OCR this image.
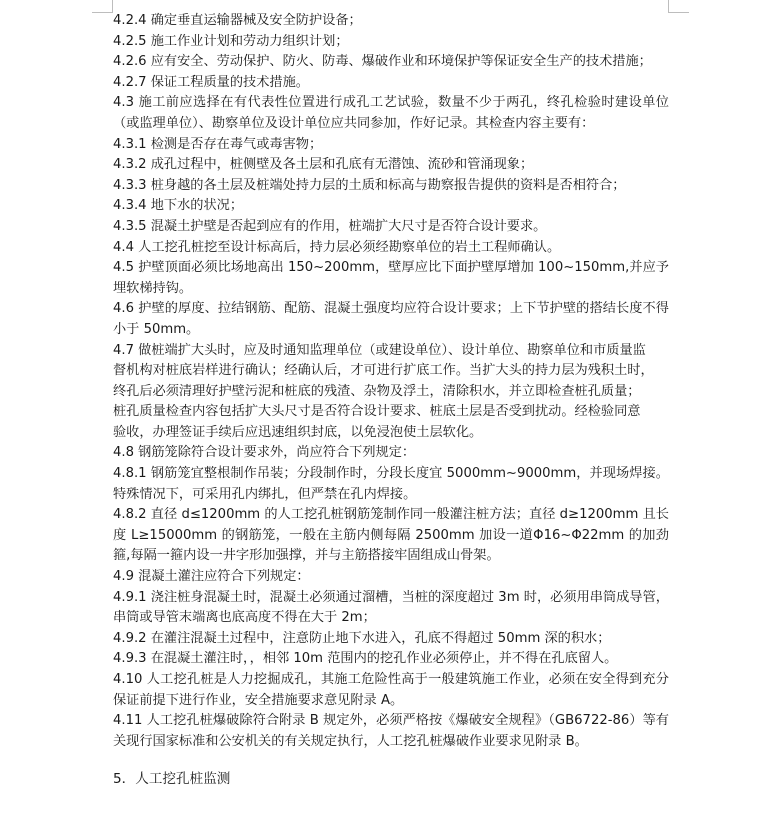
4.2.4 确定垂直运输器械及安全防护设备；

4.2.5 施工作业计划和劳动力组织计划；

4.2.6 应有安全、劳动保护、防火、防毒、爆破作业和环境保护等保证安全生产的技术措施；

4.2.7 保证工程质量的技术措施。

4.3 施工前应选择在有代表性位置进行成孔工艺试验，数量不少于两孔，终孔检验时建设单位（或监理单位）、勘察单位及设计单位应共同参加，作好记录。其检查内容主要有：

4.3.1 检测是否存在毒气或毒害物；

4.3.2 成孔过程中，桩侧壁及各土层和孔底有无潜蚀、流砂和管涌现象；

4.3.3 桩身越的各土层及桩端处持力层的土质和标高与勘察报告提供的资料是否相符合；

4.3.4 地下水的状况；

4.3.5 混凝土护壁是否起到应有的作用，桩端扩大尺寸是否符合设计要求。

4.4 人工挖孔桩挖至设计标高后，持力层必须经勘察单位的岩土工程师确认。

4.5 护壁顶面必须比场地高出 150~200mm，壁厚应比下面护壁厚增加 100~150mm,并应予埋软梯持钩。

4.6 护壁的厚度、拉结钢筋、配筋、混凝土强度均应符合设计要求；上下节护壁的搭结长度不得小于 50mm。

4.7 做桩端扩大头时，应及时通知监理单位（或建设单位）、设计单位、勘察单位和市质量监
督机构对桩底岩样进行确认；经确认后，才可进行扩底工作。当扩大头的持力层为残积土时，
终孔后必须清理好护壁污泥和桩底的残渣、杂物及浮土，清除积水，并立即检查桩孔质量；
桩孔质量检查内容包括扩大头尺寸是否符合设计要求、桩底土层是否受到扰动。经检验同意
验收，办理签证手续后应迅速组织封底，以免浸泡使土层软化。

4.8 钢筋笼除符合设计要求外，尚应符合下列规定：

4.8.1 钢筋笼宜整根制作吊装；分段制作时，分段长度宜 5000mm~9000mm，并现场焊接。特殊情况下，可采用孔内绑扎，但严禁在孔内焊接。

4.8.2 直径 d≤1200mm 的人工挖孔桩钢筋笼制作同一般灌注桩方法；直径 d≥1200mm 且长度 L≥15000mm 的钢筋笼，一般在主筋内侧每隔 2500mm 加设一道Φ16~Φ22mm 的加劲箍,每隔一箍内设一井字形加强撑，并与主筋搭接牢固组成山骨架。

4.9 混凝土灌注应符合下列规定：

4.9.1 浇注桩身混凝土时，混凝土必须通过溜槽，当桩的深度超过 3m 时，必须用串筒成导管，串筒或导管末端离也底高度不得在大于 2m；

4.9.2 在灌注混凝土过程中，注意防止地下水进入，孔底不得超过 50mm 深的积水；

4.9.3 在混凝土灌注时，，相邻 10m 范围内的挖孔作业必须停止，并不得在孔底留人。

4.10 人工挖孔桩是人力挖掘成孔，其施工危险性高于一般建筑施工作业，必须在安全得到充分保证前提下进行作业，安全措施要求意见附录 A。

4.11 人工挖孔桩爆破除符合附录 B 规定外，必须严格按《爆破安全规程》（GB6722-86）等有关现行国家标准和公安机关的有关规定执行，人工挖孔桩爆破作业要求见附录 B。

5．人工挖孔桩监测
